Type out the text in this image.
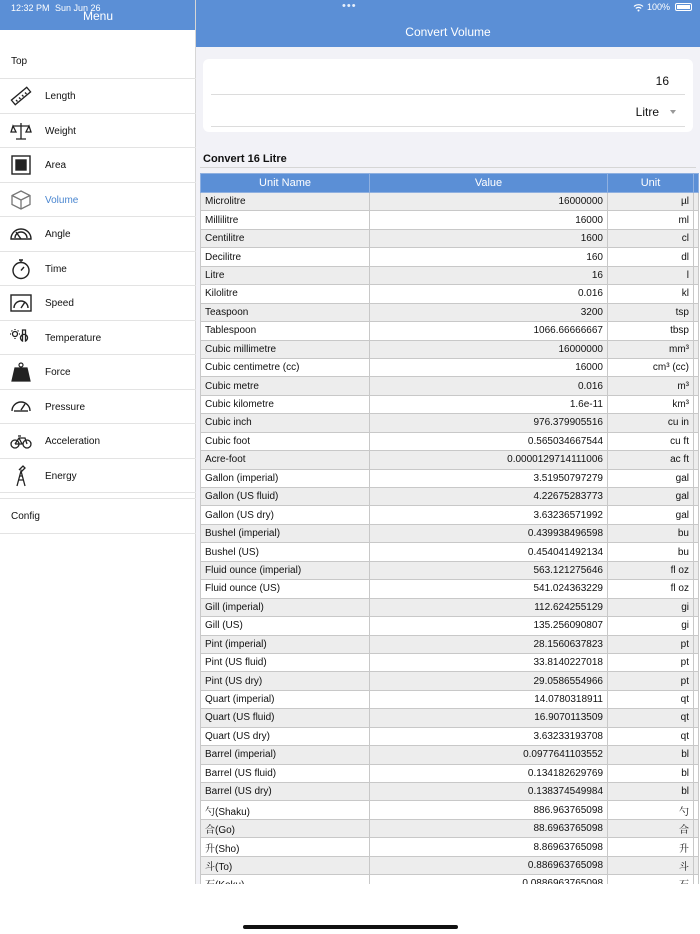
12:32 PM Sun Jun 26
Menu
Top
Length
Weight
Area
Volume
Angle
Time
Speed
Temperature
Force
Pressure
Acceleration
Energy
Config
•••	100%
Convert Volume
16
Litre
Convert 16 Litre
Unit Name	Value	Unit	
Microlitre	16000000	µl	
Millilitre	16000	ml	
Centilitre	1600	cl	
Decilitre	160	dl	
Litre	16	l	
Kilolitre	0.016	kl	
Teaspoon	3200	tsp	
Tablespoon	1066.66666667	tbsp	
Cubic millimetre	16000000	mm³	
Cubic centimetre (cc)	16000	cm³ (cc)	
Cubic metre	0.016	m³	
Cubic kilometre	1.6e-11	km³	
Cubic inch	976.379905516	cu in	
Cubic foot	0.565034667544	cu ft	
Acre-foot	0.0000129714111006	ac ft	
Gallon (imperial)	3.51950797279	gal	
Gallon (US fluid)	4.22675283773	gal	
Gallon (US dry)	3.63236571992	gal	
Bushel (imperial)	0.439938496598	bu	
Bushel (US)	0.454041492134	bu	
Fluid ounce (imperial)	563.121275646	fl oz	
Fluid ounce (US)	541.024363229	fl oz	
Gill (imperial)	112.624255129	gi	
Gill (US)	135.256090807	gi	
Pint (imperial)	28.1560637823	pt	
Pint (US fluid)	33.8140227018	pt	
Pint (US dry)	29.0586554966	pt	
Quart (imperial)	14.0780318911	qt	
Quart (US fluid)	16.9070113509	qt	
Quart (US dry)	3.63233193708	qt	
Barrel (imperial)	0.0977641103552	bl	
Barrel (US fluid)	0.134182629769	bl	
Barrel (US dry)	0.138374549984	bl	
勺(Shaku)	886.963765098	勺	
合(Go)	88.6963765098	合	
升(Sho)	8.86963765098	升	
斗(To)	0.886963765098	斗	
